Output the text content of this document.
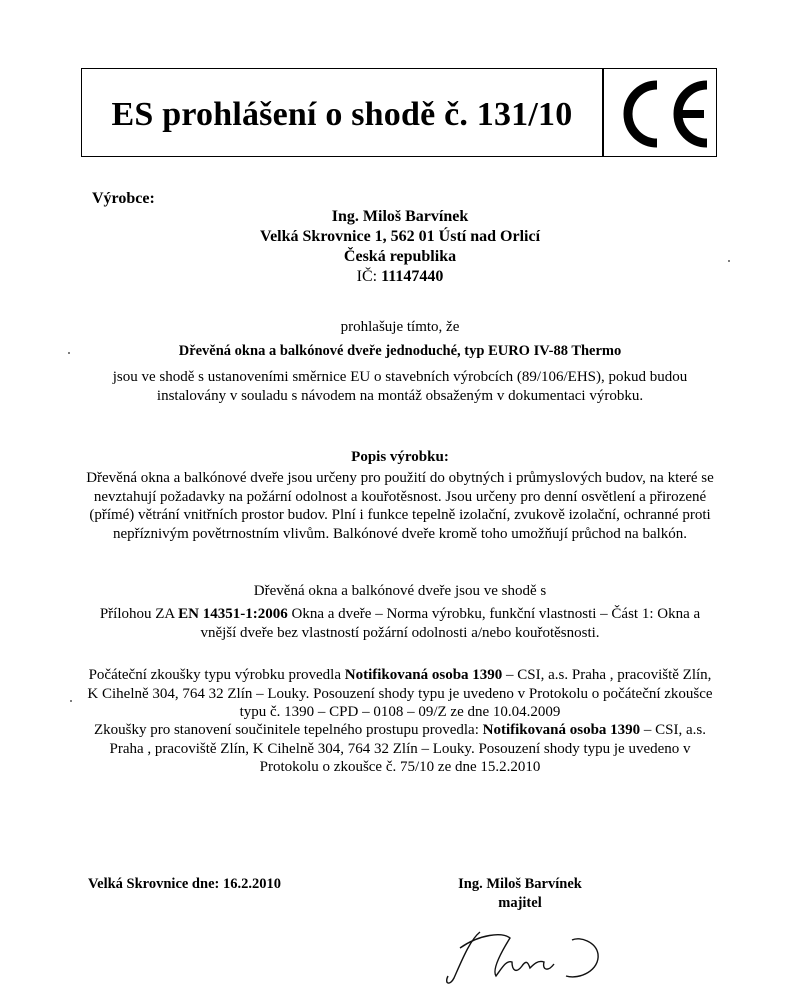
ES prohlášení o shodě č. 131/10
Výrobce:
Ing. Miloš Barvínek
Velká Skrovnice 1, 562 01 Ústí nad Orlicí
Česká republika
IČ: 11147440
prohlašuje tímto, že
Dřevěná okna a balkónové dveře jednoduché, typ EURO IV-88 Thermo
jsou ve shodě s ustanoveními směrnice EU o stavebních výrobcích (89/106/EHS), pokud budou instalovány v souladu s návodem na montáž obsaženým v dokumentaci výrobku.
Popis výrobku:
Dřevěná okna a balkónové dveře jsou určeny pro použití do obytných i průmyslových budov, na které se nevztahují požadavky na požární odolnost a kouřotěsnost. Jsou určeny pro denní osvětlení a přirozené (přímé) větrání vnitřních prostor budov. Plní i funkce tepelně izolační, zvukově izolační, ochranné proti nepříznivým povětrnostním vlivům. Balkónové dveře kromě toho umožňují průchod na balkón.
Dřevěná okna a balkónové dveře jsou ve shodě s
Přílohou ZA EN 14351-1:2006 Okna a dveře – Norma výrobku, funkční vlastnosti – Část 1: Okna a vnější dveře bez vlastností požární odolnosti a/nebo kouřotěsnosti.
Počáteční zkoušky typu výrobku provedla Notifikovaná osoba 1390 – CSI, a.s. Praha , pracoviště Zlín, K Cihelně 304, 764 32 Zlín – Louky. Posouzení shody typu je uvedeno v Protokolu o počáteční zkoušce typu č. 1390 – CPD – 0108 – 09/Z ze dne 10.04.2009
Zkoušky pro stanovení součinitele tepelného prostupu provedla: Notifikovaná osoba 1390 – CSI, a.s. Praha , pracoviště Zlín, K Cihelně 304, 764 32 Zlín – Louky. Posouzení shody typu je uvedeno v Protokolu o zkoušce č. 75/10 ze dne 15.2.2010
Velká Skrovnice dne: 16.2.2010	Ing. Miloš Barvínek
majitel
